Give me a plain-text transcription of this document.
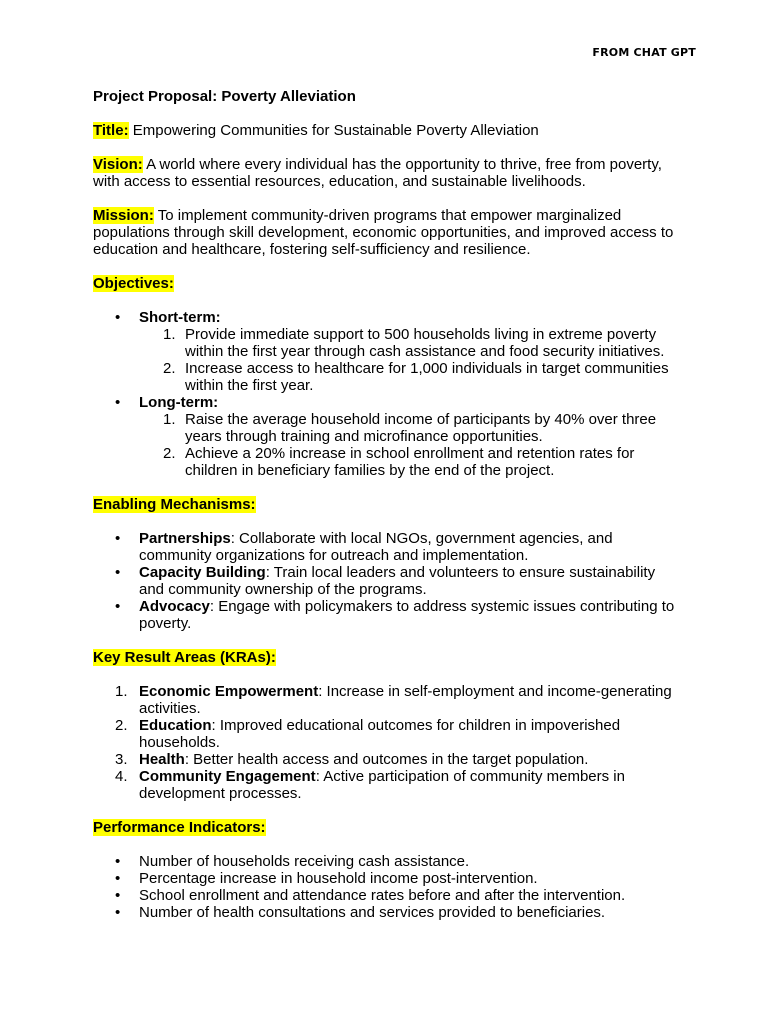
FROM CHAT GPT

Project Proposal: Poverty Alleviation

Title: Empowering Communities for Sustainable Poverty Alleviation

Vision: A world where every individual has the opportunity to thrive, free from poverty, with access to essential resources, education, and sustainable livelihoods.

Mission: To implement community-driven programs that empower marginalized populations through skill development, economic opportunities, and improved access to education and healthcare, fostering self-sufficiency and resilience.

Objectives:

• Short-term:
1. Provide immediate support to 500 households living in extreme poverty within the first year through cash assistance and food security initiatives.
2. Increase access to healthcare for 1,000 individuals in target communities within the first year.
• Long-term:
1. Raise the average household income of participants by 40% over three years through training and microfinance opportunities.
2. Achieve a 20% increase in school enrollment and retention rates for children in beneficiary families by the end of the project.

Enabling Mechanisms:

• Partnerships: Collaborate with local NGOs, government agencies, and community organizations for outreach and implementation.
• Capacity Building: Train local leaders and volunteers to ensure sustainability and community ownership of the programs.
• Advocacy: Engage with policymakers to address systemic issues contributing to poverty.

Key Result Areas (KRAs):

1. Economic Empowerment: Increase in self-employment and income-generating activities.
2. Education: Improved educational outcomes for children in impoverished households.
3. Health: Better health access and outcomes in the target population.
4. Community Engagement: Active participation of community members in development processes.

Performance Indicators:

• Number of households receiving cash assistance.
• Percentage increase in household income post-intervention.
• School enrollment and attendance rates before and after the intervention.
• Number of health consultations and services provided to beneficiaries.
